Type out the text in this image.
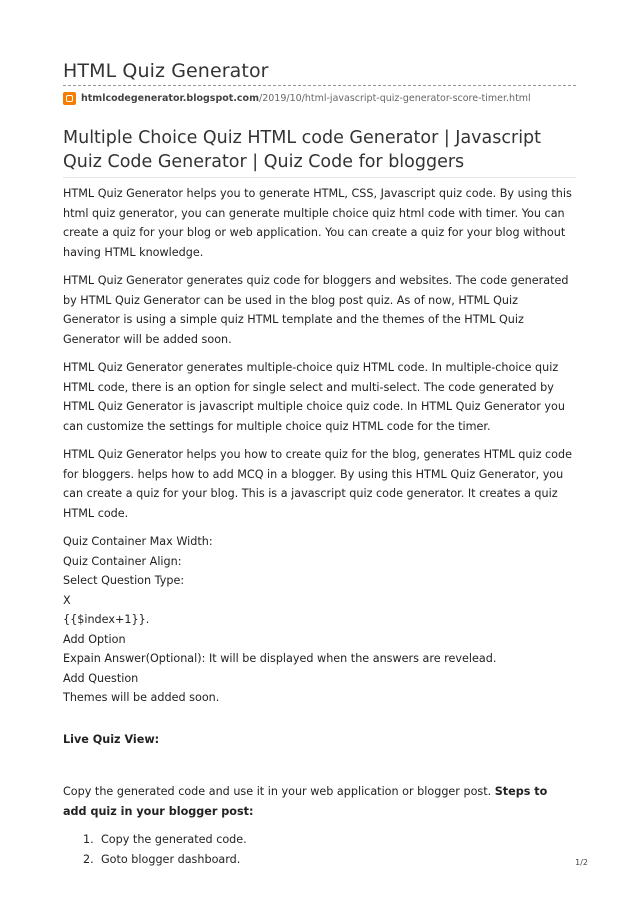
HTML Quiz Generator
htmlcodegenerator.blogspot.com /2019/10/html-javascript-quiz-generator-score-timer.html
Multiple Choice Quiz HTML code Generator | Javascript Quiz Code Generator | Quiz Code for bloggers

HTML Quiz Generator helps you to generate HTML, CSS, Javascript quiz code. By using this html quiz generator, you can generate multiple choice quiz html code with timer. You can create a quiz for your blog or web application. You can create a quiz for your blog without having HTML knowledge.

HTML Quiz Generator generates quiz code for bloggers and websites. The code generated by HTML Quiz Generator can be used in the blog post quiz. As of now, HTML Quiz Generator is using a simple quiz HTML template and the themes of the HTML Quiz Generator will be added soon.

HTML Quiz Generator generates multiple-choice quiz HTML code. In multiple-choice quiz HTML code, there is an option for single select and multi-select. The code generated by HTML Quiz Generator is javascript multiple choice quiz code. In HTML Quiz Generator you can customize the settings for multiple choice quiz HTML code for the timer.

HTML Quiz Generator helps you how to create quiz for the blog, generates HTML quiz code for bloggers. helps how to add MCQ in a blogger. By using this HTML Quiz Generator, you can create a quiz for your blog. This is a javascript quiz code generator. It creates a quiz HTML code.

Quiz Container Max Width:
Quiz Container Align:
Select Question Type:
X
{{$index+1}}.
Add Option
Expain Answer(Optional): It will be displayed when the answers are revelead.
Add Question
Themes will be added soon.
Live Quiz View:

Copy the generated code and use it in your web application or blogger post. Steps to add quiz in your blogger post:

1. Copy the generated code.
2. Goto blogger dashboard.	1/2
